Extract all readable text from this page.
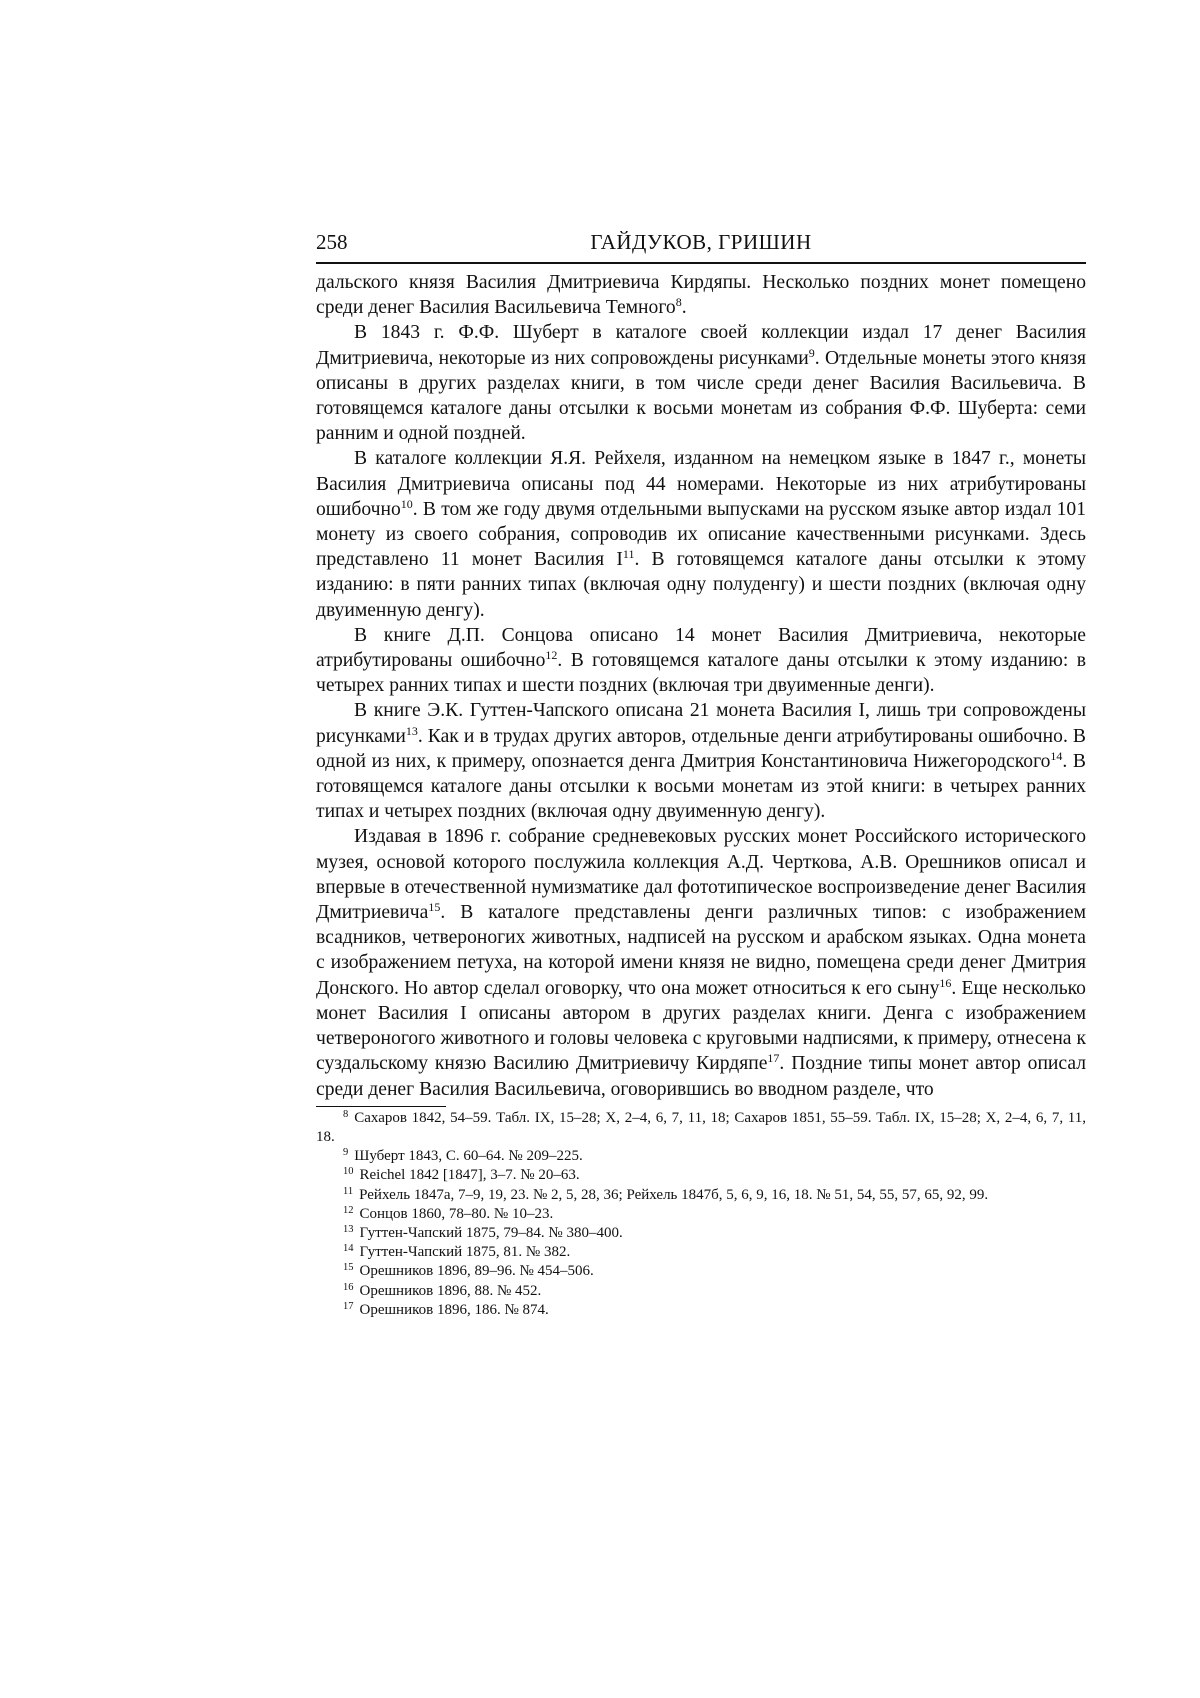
258	ГАЙДУКОВ, ГРИШИН

дальского князя Василия Дмитриевича Кирдяпы. Несколько поздних монет помещено среди денег Василия Васильевича Темного$^8$.

В 1843 г. Ф.Ф. Шуберт в каталоге своей коллекции издал 17 денег Василия Дмитриевича, некоторые из них сопровождены рисунками$^9$. Отдельные монеты этого князя описаны в других разделах книги, в том числе среди денег Василия Васильевича. В готовящемся каталоге даны отсылки к восьми монетам из собрания Ф.Ф. Шуберта: семи ранним и одной поздней.

В каталоге коллекции Я.Я. Рейхеля, изданном на немецком языке в 1847 г., монеты Василия Дмитриевича описаны под 44 номерами. Некоторые из них атрибутированы ошибочно$^{10}$. В том же году двумя отдельными выпусками на русском языке автор издал 101 монету из своего собрания, сопроводив их описание качественными рисунками. Здесь представлено 11 монет Василия $I^{11}$. В готовящемся каталоге даны отсылки к этому изданию: в пяти ранних типах (включая одну полуденгу) и шести поздних (включая одну двуименную денгу).

В книге Д.П. Сонцова описано 14 монет Василия Дмитриевича, некоторые атрибутированы ошибочно$^{12}$. В готовящемся каталоге даны отсылки к этому изданию: в четырех ранних типах и шести поздних (включая три двуименные денги).

В книге Э.К. Гуттен-Чапского описана 21 монета Василия I, лишь три сопровождены рисунками$^{13}$. Как и в трудах других авторов, отдельные денги атрибутированы ошибочно. В одной из них, к примеру, опознается денга Дмитрия Константиновича Нижегородского$^{14}$. В готовящемся каталоге даны отсылки к восьми монетам из этой книги: в четырех ранних типах и четырех поздних (включая одну двуименную денгу).

Издавая в 1896 г. собрание средневековых русских монет Российского исторического музея, основой которого послужила коллекция А.Д. Черткова, А.В. Орешников описал и впервые в отечественной нумизматике дал фототипическое воспроизведение денег Василия Дмитриевича$^{15}$. В каталоге представлены денги различных типов: с изображением всадников, четвероногих животных, надписей на русском и арабском языках. Одна монета с изображением петуха, на которой имени князя не видно, помещена среди денег Дмитрия Донского. Но автор сделал оговорку, что она может относиться к его сыну$^{16}$. Еще несколько монет Василия I описаны автором в других разделах книги. Денга с изображением четвероногого животного и головы человека с круговыми надписями, к примеру, отнесена к суздальскому князю Василию Дмитриевичу Кирдяпе$^{17}$. Поздние типы монет автор описал среди денег Василия Васильевича, оговорившись во вводном разделе, что

$^8$ Сахаров 1842, 54–59. Табл. IX, 15–28; X, 2–4, 6, 7, 11, 18; Сахаров 1851, 55–59. Табл. IX, 15–28; X, 2–4, 6, 7, 11, 18.

$^9$ Шуберт 1843, С. 60–64. № 209–225.

$^{10}$ Reichel 1842 [1847], 3–7. № 20–63.

$^{11}$ Рейхель 1847а, 7–9, 19, 23. № 2, 5, 28, 36; Рейхель 1847б, 5, 6, 9, 16, 18. № 51, 54, 55, 57, 65, 92, 99.

$^{12}$ Сонцов 1860, 78–80. № 10–23.

$^{13}$ Гуттен-Чапский 1875, 79–84. № 380–400.

$^{14}$ Гуттен-Чапский 1875, 81. № 382.

$^{15}$ Орешников 1896, 89–96. № 454–506.

$^{16}$ Орешников 1896, 88. № 452.

$^{17}$ Орешников 1896, 186. № 874.
